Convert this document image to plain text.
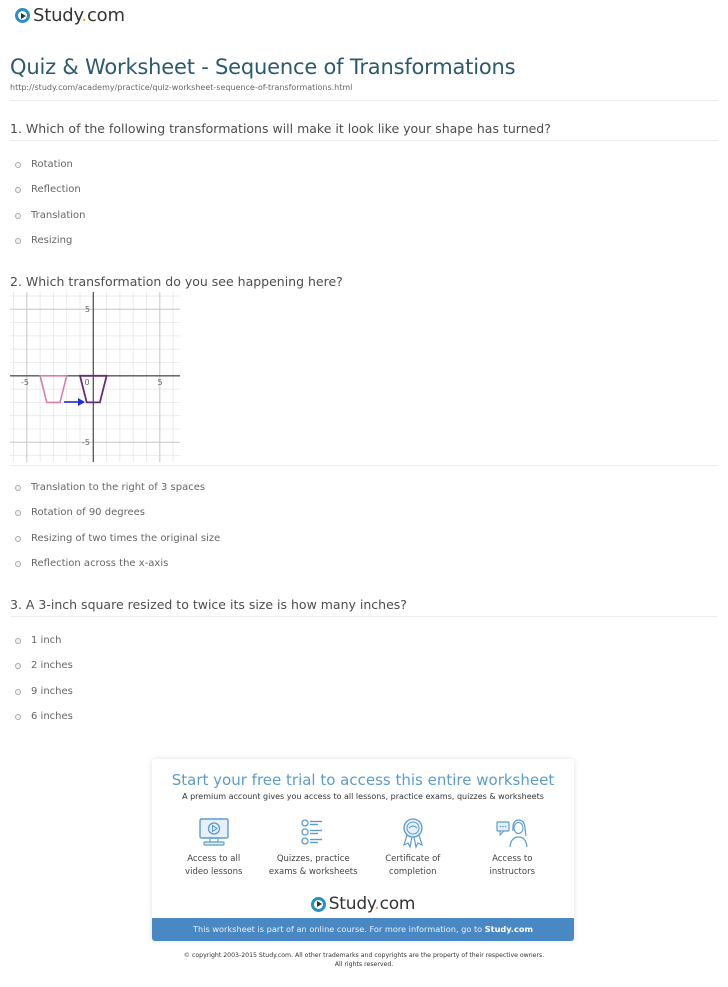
Study.com
Quiz & Worksheet - Sequence of Transformations
http://study.com/academy/practice/quiz-worksheet-sequence-of-transformations.html
1. Which of the following transformations will make it look like your shape has turned?
Rotation
Reflection
Translation
Resizing
2. Which transformation do you see happening here?
-5	0	5
5
-5
Translation to the right of 3 spaces
Rotation of 90 degrees
Resizing of two times the original size
Reflection across the x-axis
3. A 3-inch square resized to twice its size is how many inches?
1 inch
2 inches
9 inches
6 inches
Start your free trial to access this entire worksheet
A premium account gives you access to all lessons, practice exams, quizzes & worksheets
Access to all
video lessons
Quizzes, practice
exams & worksheets
Certificate of
completion
Access to
instructors
Study.com
This worksheet is part of an online course. For more information, go to Study.com
© copyright 2003-2015 Study.com. All other trademarks and copyrights are the property of their respective owners.
All rights reserved.
